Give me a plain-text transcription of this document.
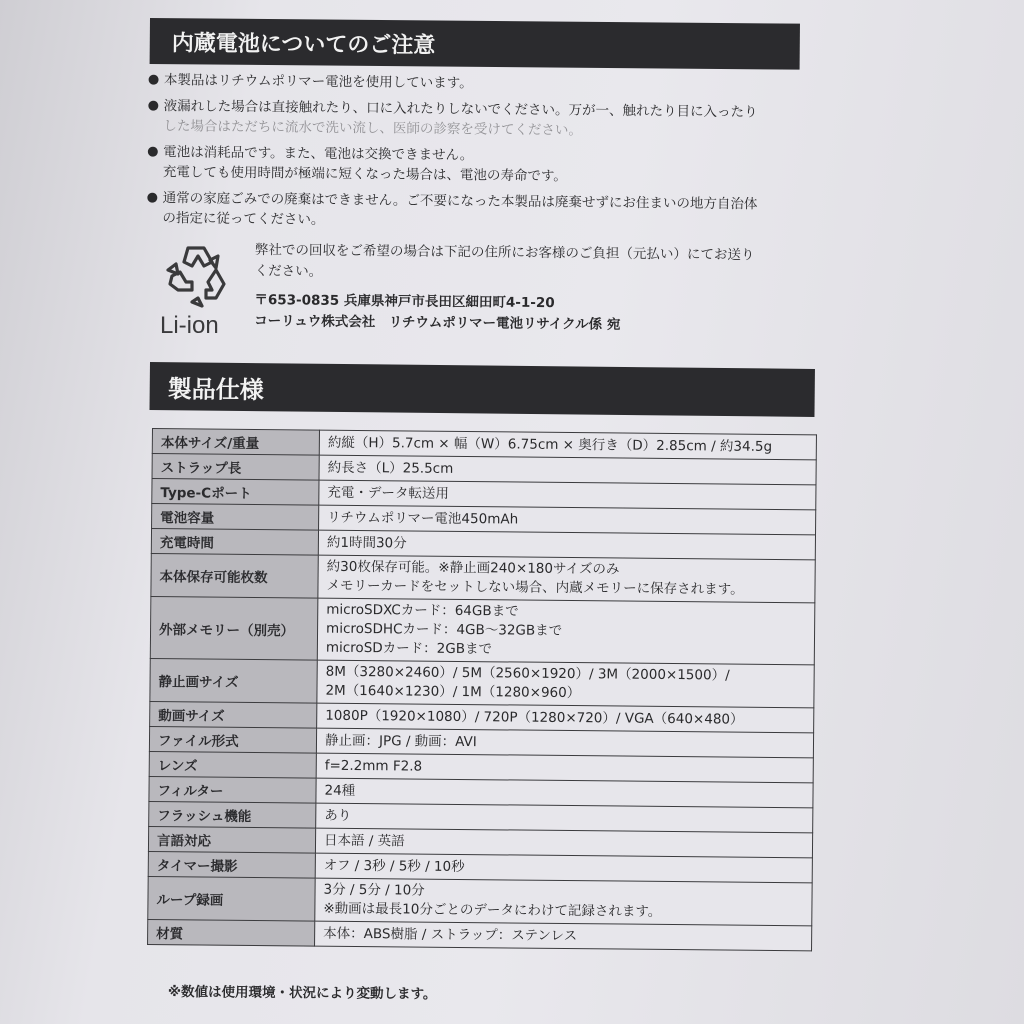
内蔵電池についてのご注意
● 本製品はリチウムポリマー電池を使用しています。
● 液漏れした場合は直接触れたり、口に入れたりしないでください。万が一、触れたり目に入ったり
した場合はただちに流水で洗い流し、医師の診察を受けてください。
● 電池は消耗品です。また、電池は交換できません。
充電しても使用時間が極端に短くなった場合は、電池の寿命です。
● 通常の家庭ごみでの廃棄はできません。ご不要になった本製品は廃棄せずにお住まいの地方自治体
の指定に従ってください。
Li-ion
弊社での回収をご希望の場合は下記の住所にお客様のご負担（元払い）にてお送り
ください。
〒653-0835 兵庫県神戸市長田区細田町4-1-20
コーリュウ株式会社　リチウムポリマー電池リサイクル係 宛
製品仕様
本体サイズ/重量	約縦（H）5.7cm × 幅（W）6.75cm × 奥行き（D）2.85cm / 約34.5g

ストラップ長	約長さ（L）25.5cm

Type-Cポート	充電・データ転送用

電池容量	リチウムポリマー電池450mAh

充電時間	約1時間30分

本体保存可能枚数	約30枚保存可能。※静止画240×180サイズのみ
メモリーカードをセットしない場合、内蔵メモリーに保存されます。

外部メモリー（別売）	microSDXCカード：64GBまで
microSDHCカード：4GB〜32GBまで
microSDカード：2GBまで

静止画サイズ	8M（3280×2460）/ 5M（2560×1920）/ 3M（2000×1500）/
2M（1640×1230）/ 1M（1280×960）

動画サイズ	1080P（1920×1080）/ 720P（1280×720）/ VGA（640×480）

ファイル形式	静止画：JPG / 動画：AVI

レンズ	f=2.2mm F2.8

フィルター	24種

フラッシュ機能	あり

言語対応	日本語 / 英語

タイマー撮影	オフ / 3秒 / 5秒 / 10秒

ループ録画	3分 / 5分 / 10分
※動画は最長10分ごとのデータにわけて記録されます。

材質	本体：ABS樹脂 / ストラップ：ステンレス
※数値は使用環境・状況により変動します。
